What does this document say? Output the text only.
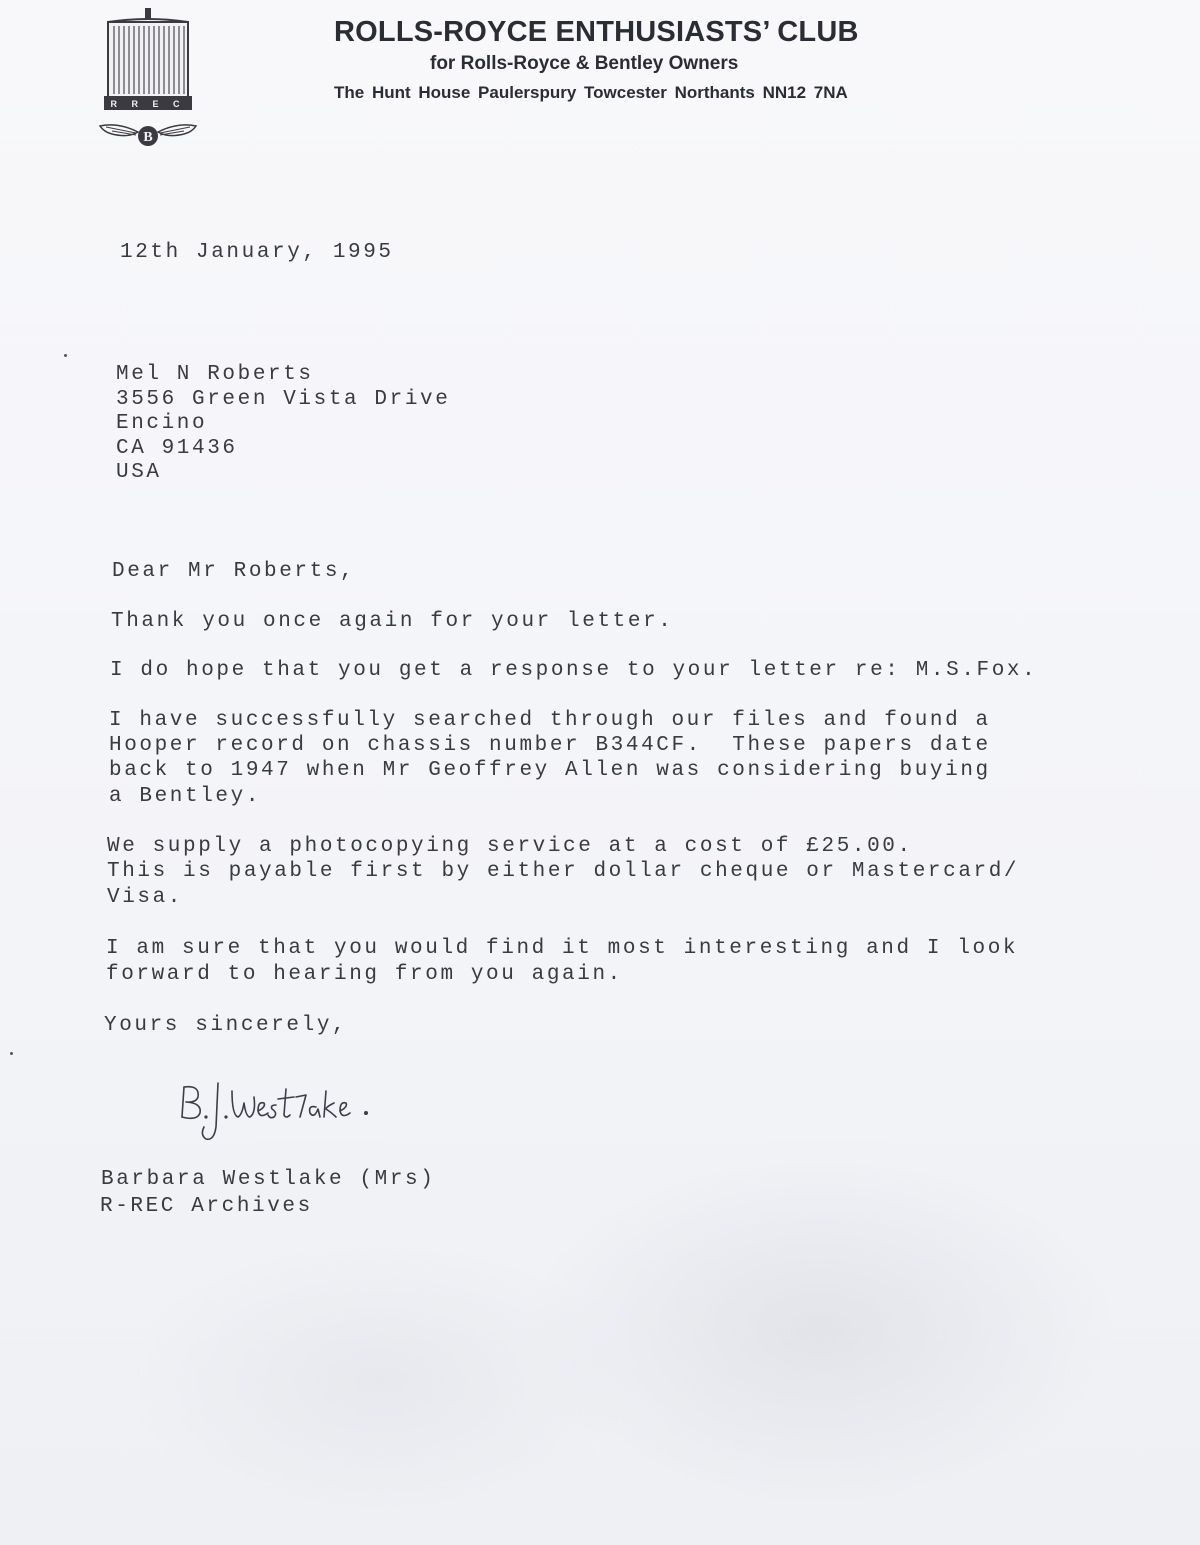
R R E C
B
ROLLS-ROYCE ENTHUSIASTS’ CLUB
for Rolls-Royce & Bentley Owners
The Hunt House Paulerspury Towcester Northants NN12 7NA
12th January, 1995
Mel N Roberts
3556 Green Vista Drive
Encino
CA 91436
USA
Dear Mr Roberts,
Thank you once again for your letter.
I do hope that you get a response to your letter re: M.S.Fox.
I have successfully searched through our files and found a
Hooper record on chassis number B344CF.  These papers date
back to 1947 when Mr Geoffrey Allen was considering buying
a Bentley.
We supply a photocopying service at a cost of £25.00.
This is payable first by either dollar cheque or Mastercard/
Visa.
I am sure that you would find it most interesting and I look
forward to hearing from you again.
Yours sincerely,
B.J.Westlake.
Barbara Westlake (Mrs)
R-REC Archives
